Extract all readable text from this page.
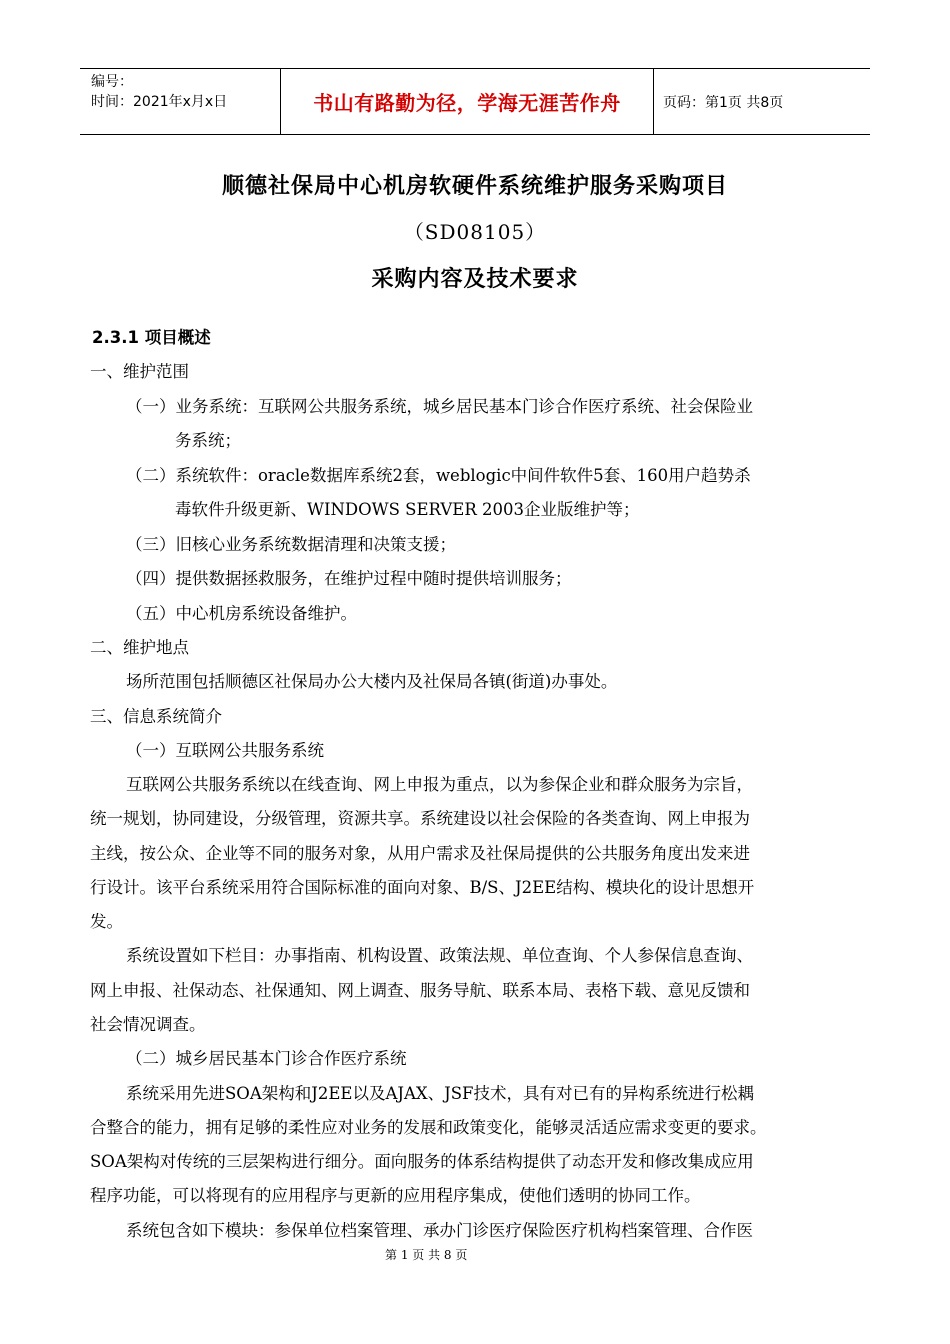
编号：
时间：2021年x月x日	书山有路勤为径，学海无涯苦作舟	页码：第1页 共8页
顺德社保局中心机房软硬件系统维护服务采购项目
（SD08105）
采购内容及技术要求
2.3.1 项目概述
一、维护范围
（一）业务系统：互联网公共服务系统，城乡居民基本门诊合作医疗系统、社会保险业
务系统；
（二）系统软件：oracle数据库系统2套，weblogic中间件软件5套、160用户趋势杀
毒软件升级更新、WINDOWS SERVER 2003企业版维护等；
（三）旧核心业务系统数据清理和决策支援；
（四）提供数据拯救服务，在维护过程中随时提供培训服务；
（五）中心机房系统设备维护。
二、维护地点
场所范围包括顺德区社保局办公大楼内及社保局各镇(街道)办事处。
三、信息系统简介
（一）互联网公共服务系统
互联网公共服务系统以在线查询、网上申报为重点，以为参保企业和群众服务为宗旨，
统一规划，协同建设，分级管理，资源共享。系统建设以社会保险的各类查询、网上申报为
主线，按公众、企业等不同的服务对象，从用户需求及社保局提供的公共服务角度出发来进
行设计。该平台系统采用符合国际标准的面向对象、B/S、J2EE结构、模块化的设计思想开
发。
系统设置如下栏目：办事指南、机构设置、政策法规、单位查询、个人参保信息查询、
网上申报、社保动态、社保通知、网上调查、服务导航、联系本局、表格下载、意见反馈和
社会情况调查。
（二）城乡居民基本门诊合作医疗系统
系统采用先进SOA架构和J2EE以及AJAX、JSF技术，具有对已有的异构系统进行松耦
合整合的能力，拥有足够的柔性应对业务的发展和政策变化，能够灵活适应需求变更的要求。
SOA架构对传统的三层架构进行细分。面向服务的体系结构提供了动态开发和修改集成应用
程序功能，可以将现有的应用程序与更新的应用程序集成，使他们透明的协同工作。
系统包含如下模块：参保单位档案管理、承办门诊医疗保险医疗机构档案管理、合作医
第 1 页 共 8 页
